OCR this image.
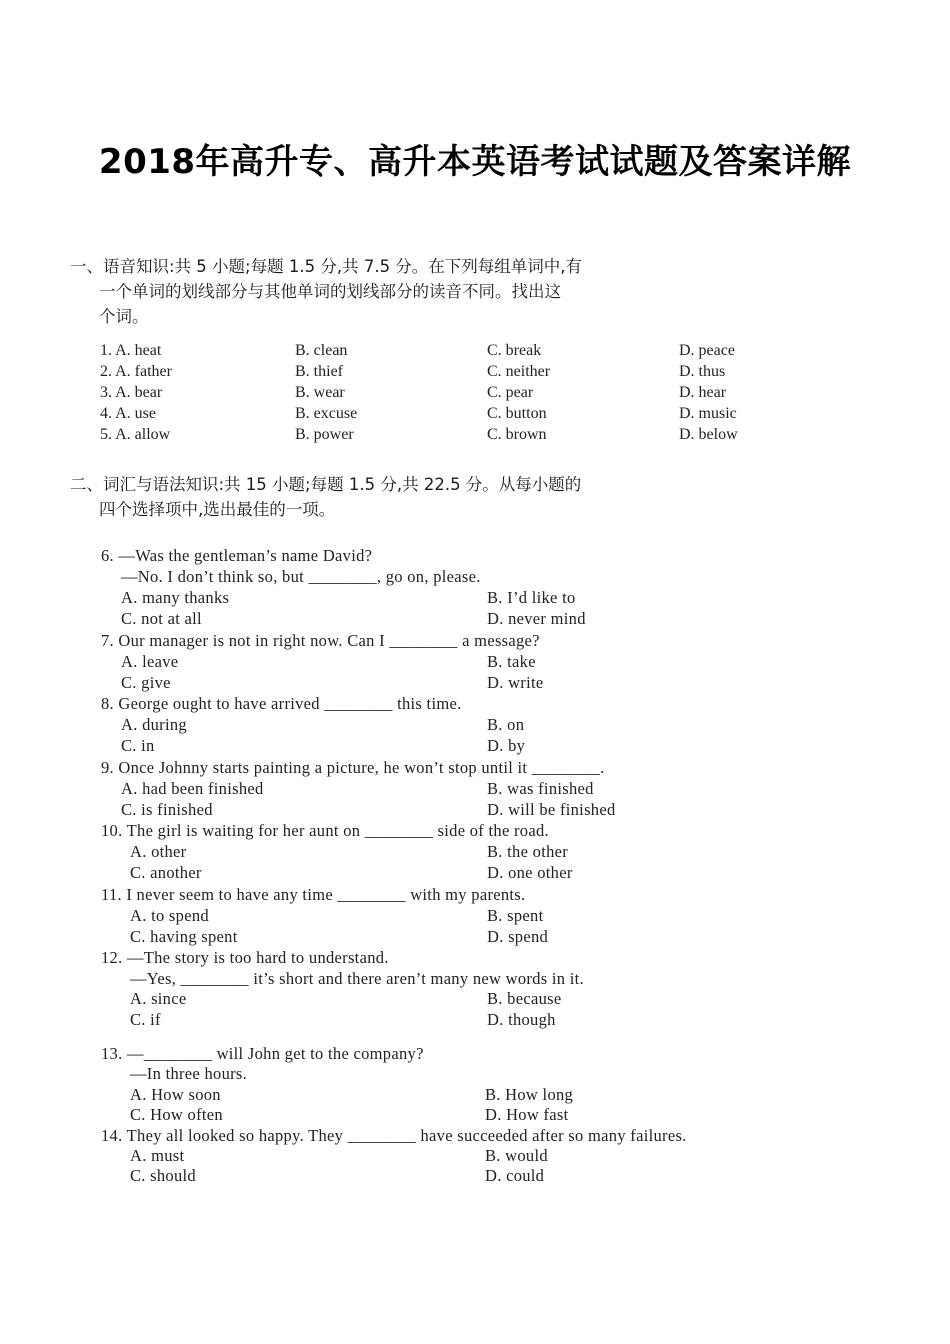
2018年高升专、高升本英语考试试题及答案详解
一、语音知识:共 5 小题;每题 1.5 分,共 7.5 分。在下列每组单词中,有
一个单词的划线部分与其他单词的划线部分的读音不同。找出这
个词。
1. A. heat	B. clean	C. break	D. peace
2. A. father	B. thief	C. neither	D. thus
3. A. bear	B. wear	C. pear	D. hear
4. A. use	B. excuse	C. button	D. music
5. A. allow	B. power	C. brown	D. below
二、词汇与语法知识:共 15 小题;每题 1.5 分,共 22.5 分。从每小题的
四个选择项中,选出最佳的一项。
6. —Was the gentleman’s name David?
—No. I don’t think so, but ________, go on, please.
A. many thanks	B. I’d like to
C. not at all	D. never mind
7. Our manager is not in right now. Can I ________ a message?
A. leave	B. take
C. give	D. write
8. George ought to have arrived ________ this time.
A. during	B. on
C. in	D. by
9. Once Johnny starts painting a picture, he won’t stop until it ________.
A. had been finished	B. was finished
C. is finished	D. will be finished
10. The girl is waiting for her aunt on ________ side of the road.
A. other	B. the other
C. another	D. one other
11. I never seem to have any time ________ with my parents.
A. to spend	B. spent
C. having spent	D. spend
12. —The story is too hard to understand.
—Yes, ________ it’s short and there aren’t many new words in it.
A. since	B. because
C. if	D. though
13. —________ will John get to the company?
—In three hours.
A. How soon	B. How long
C. How often	D. How fast
14. They all looked so happy. They ________ have succeeded after so many failures.
A. must	B. would
C. should	D. could
